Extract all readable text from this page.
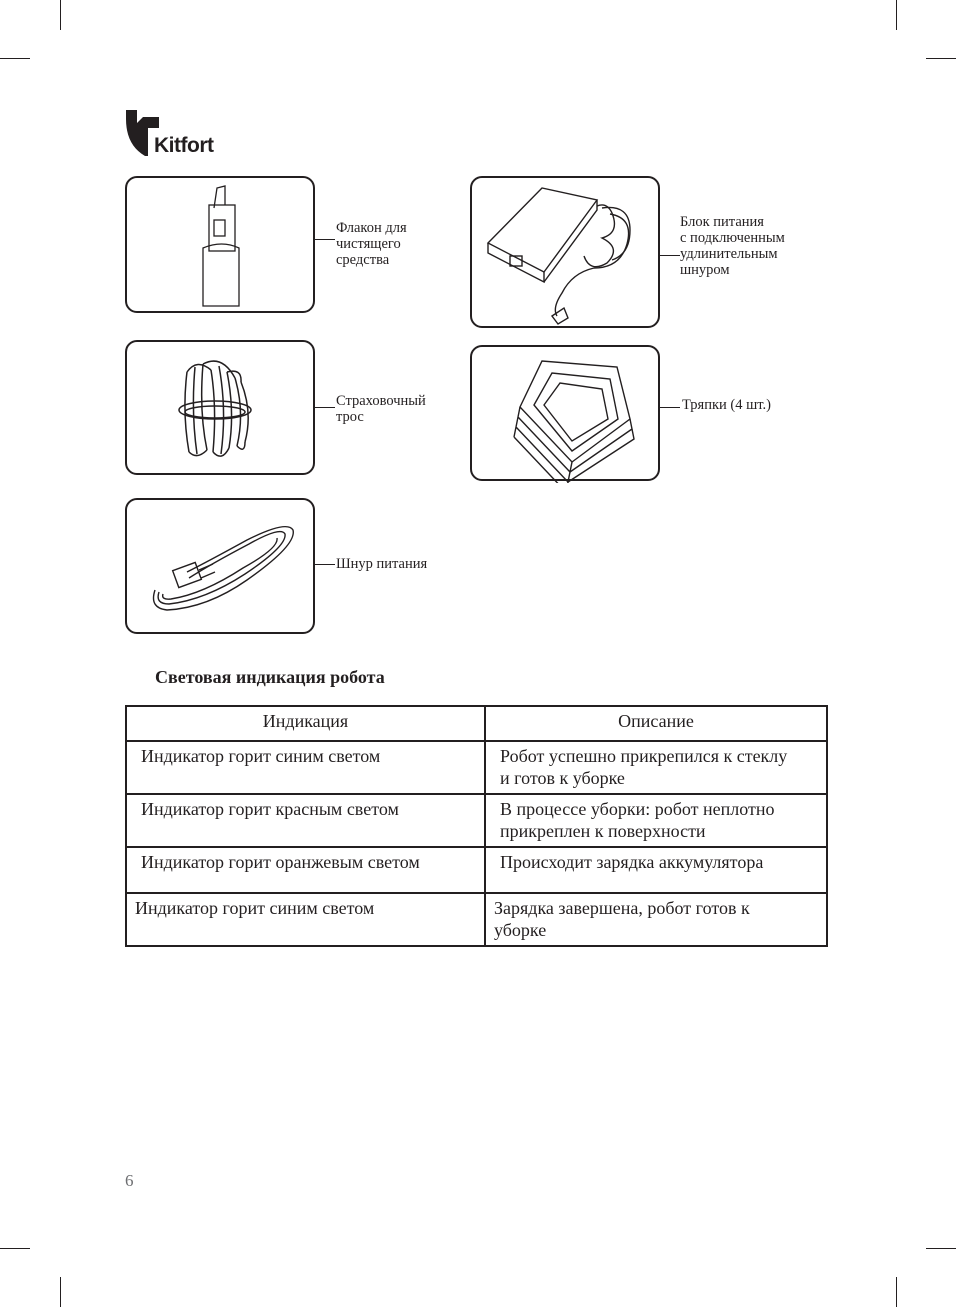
Kitfort
Флакон для
чистящего
средства
Блок питания
с подключенным
удлинительным
шнуром
Страховочный
трос
Тряпки (4 шт.)
Шнур питания
Световая индикация робота
Индикация	Описание
Индикатор горит синим светом	Робот успешно прикрепился к стеклу
и готов к уборке
Индикатор горит красным светом	В процессе уборки: робот неплотно
прикреплен к поверхности
Индикатор горит оранжевым светом	Происходит зарядка аккумулятора
Индикатор горит синим светом	Зарядка завершена, робот готов к
уборке
6
